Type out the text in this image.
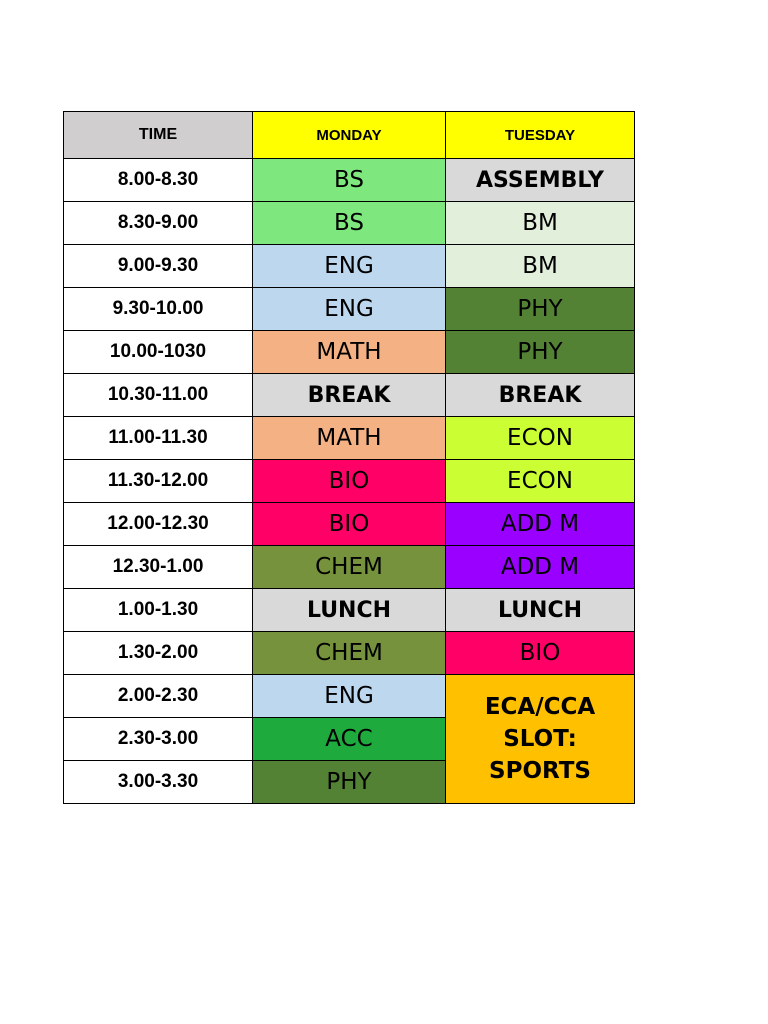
TIME	MONDAY	TUESDAY
8.00-8.30	BS	ASSEMBLY
8.30-9.00	BS	BM
9.00-9.30	ENG	BM
9.30-10.00	ENG	PHY
10.00-1030	MATH	PHY
10.30-11.00	BREAK	BREAK
11.00-11.30	MATH	ECON
11.30-12.00	BIO	ECON
12.00-12.30	BIO	ADD M
12.30-1.00	CHEM	ADD M
1.00-1.30	LUNCH	LUNCH
1.30-2.00	CHEM	BIO
2.00-2.30	ENG	ECA/CCA
SLOT:
SPORTS

2.30-3.00	ACC	
3.00-3.30	PHY	
